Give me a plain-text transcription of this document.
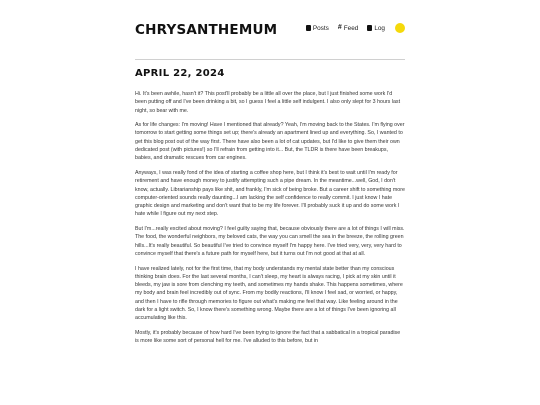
CHRYSANTHEMUM	Posts # Feed	Log
APRIL 22, 2024

Hi. It's been awhile, hasn't it? This post'll probably be a little all over the place, but I just finished some work I'd been putting off and I've been drinking a bit, so I guess I feel a little self indulgent. I also only slept for 3 hours last night, so bear with me.

As for life changes: I'm moving! Have I mentioned that already? Yeah, I'm moving back to the States. I'm flying over tomorrow to start getting some things set up; there's already an apartment lined up and everything. So, I wanted to get this blog post out of the way first. There have also been a lot of cat updates, but I'd like to give them their own dedicated post (with pictures!) so I'll refrain from getting into it... But, the TLDR is there have been breakups, babies, and dramatic rescues from car engines.

Anyways, I was really fond of the idea of starting a coffee shop here, but I think it's best to wait until I'm ready for retirement and have enough money to justify attempting such a pipe dream. In the meantime...well, God, I don't know, actually. Librarianship pays like shit, and frankly, I'm sick of being broke. But a career shift to something more computer-oriented sounds really daunting...I am lacking the self confidence to really commit. I just know I hate graphic design and marketing and don't want that to be my life forever. I'll probably suck it up and do some work I hate while I figure out my next step.

But I'm...really excited about moving? I feel guilty saying that, because obviously there are a lot of things I will miss. The food, the wonderful neighbors, my beloved cats, the way you can smell the sea in the breeze, the rolling green hills...It's really beautiful. So beautiful I've tried to convince myself I'm happy here. I've tried very, very, very hard to convince myself that there's a future path for myself here, but it turns out I'm not good at that at all.

I have realized lately, not for the first time, that my body understands my mental state better than my conscious thinking brain does. For the last several months, I can't sleep, my heart is always racing, I pick at my skin until it bleeds, my jaw is sore from clenching my teeth, and sometimes my hands shake. This happens sometimes, where my body and brain feel incredibly out of sync. From my bodily reactions, I'll know I feel sad, or worried, or happy, and then I have to rifle through memories to figure out what's making me feel that way. Like feeling around in the dark for a light switch. So, I know there's something wrong. Maybe there are a lot of things I've been ignoring all accumulating like this.

Mostly, it's probably because of how hard I've been trying to ignore the fact that a sabbatical in a tropical paradise is more like some sort of personal hell for me. I've alluded to this before, but in
